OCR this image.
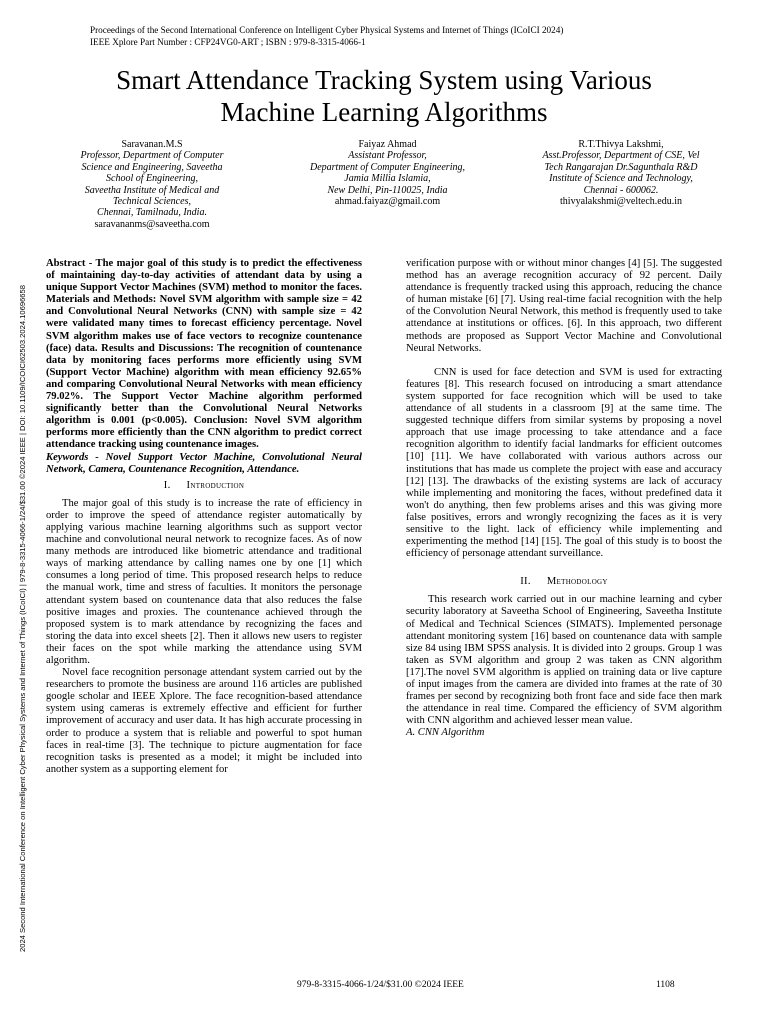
Proceedings of the Second International Conference on Intelligent Cyber Physical Systems and Internet of Things (ICoICI 2024)
IEEE Xplore Part Number : CFP24VG0-ART ; ISBN : 979-8-3315-4066-1
Smart Attendance Tracking System using Various
Machine Learning Algorithms
Saravanan.M.S
Professor, Department of Computer
Science and Engineering, Saveetha
School of Engineering,
Saveetha Institute of Medical and
Technical Sciences,
Chennai, Tamilnadu, India.
saravananms@saveetha.com
Faiyaz Ahmad
Assistant Professor,
Department of Computer Engineering,
Jamia Millia Islamia,
New Delhi, Pin-110025, India
ahmad.faiyaz@gmail.com
R.T.Thivya Lakshmi,
Asst.Professor, Department of CSE, Vel
Tech Rangarajan Dr.Sagunthala R&D
Institute of Science and Technology,
Chennai - 600062.
thivyalakshmi@veltech.edu.in
2024 Second International Conference on Intelligent Cyber Physical Systems and Internet of Things (ICoICI) | 979-8-3315-4066-1/24/$31.00 ©2024 IEEE | DOI: 10.1109/ICOICI62503.2024.10696658

Abstract - The major goal of this study is to predict the effectiveness of maintaining day-to-day activities of attendant data by using a unique Support Vector Machines (SVM) method to monitor the faces. Materials and Methods: Novel SVM algorithm with sample size = 42 and Convolutional Neural Networks (CNN) with sample size = 42 were validated many times to forecast efficiency percentage. Novel SVM algorithm makes use of face vectors to recognize countenance (face) data. Results and Discussions: The recognition of countenance data by monitoring faces performs more efficiently using SVM (Support Vector Machine) algorithm with mean efficiency 92.65% and comparing Convolutional Neural Networks with mean efficiency 79.02%. The Support Vector Machine algorithm performed significantly better than the Convolutional Neural Networks algorithm is 0.001 (p<0.005). Conclusion: Novel SVM algorithm performs more efficiently than the CNN algorithm to predict correct attendance tracking using countenance images.

Keywords - Novel Support Vector Machine, Convolutional Neural Network, Camera, Countenance Recognition, Attendance.

I. Introduction

The major goal of this study is to increase the rate of efficiency in order to improve the speed of attendance register automatically by applying various machine learning algorithms such as support vector machine and convolutional neural network to recognize faces. As of now many methods are introduced like biometric attendance and traditional ways of marking attendance by calling names one by one [1] which consumes a long period of time. This proposed research helps to reduce the manual work, time and stress of faculties. It monitors the personage attendant system based on countenance data that also reduces the false positive images and proxies. The countenance achieved through the proposed system is to mark attendance by recognizing the faces and storing the data into excel sheets [2]. Then it allows new users to register their faces on the spot while marking the attendance using SVM algorithm.

Novel face recognition personage attendant system carried out by the researchers to promote the business are around 116 articles are published google scholar and IEEE Xplore. The face recognition-based attendance system using cameras is extremely effective and efficient for further improvement of accuracy and user data. It has high accurate processing in order to produce a system that is reliable and powerful to spot human faces in real-time [3]. The technique to picture augmentation for face recognition tasks is presented as a model; it might be included into another system as a supporting element for

verification purpose with or without minor changes [4] [5]. The suggested method has an average recognition accuracy of 92 percent. Daily attendance is frequently tracked using this approach, reducing the chance of human mistake [6] [7]. Using real-time facial recognition with the help of the Convolution Neural Network, this method is frequently used to take attendance at institutions or offices. [6]. In this approach, two different methods are proposed as Support Vector Machine and Convolutional Neural Networks.

CNN is used for face detection and SVM is used for extracting features [8]. This research focused on introducing a smart attendance system supported for face recognition which will be used to take attendance of all students in a classroom [9] at the same time. The suggested technique differs from similar systems by proposing a novel approach that use image processing to take attendance and a face recognition algorithm to identify facial landmarks for efficient outcomes [10] [11]. We have collaborated with various authors across our institutions that has made us complete the project with ease and accuracy [12] [13]. The drawbacks of the existing systems are lack of accuracy while implementing and monitoring the faces, without predefined data it won't do anything, then few problems arises and this was giving more false positives, errors and wrongly recognizing the faces as it is very sensitive to the light. lack of efficiency while implementing and experimenting the method [14] [15]. The goal of this study is to boost the efficiency of personage attendant surveillance.

II. Methodology

This research work carried out in our machine learning and cyber security laboratory at Saveetha School of Engineering, Saveetha Institute of Medical and Technical Sciences (SIMATS). Implemented personage attendant monitoring system [16] based on countenance data with sample size 84 using IBM SPSS analysis. It is divided into 2 groups. Group 1 was taken as SVM algorithm and group 2 was taken as CNN algorithm [17].The novel SVM algorithm is applied on training data or live capture of input images from the camera are divided into frames at the rate of 30 frames per second by recognizing both front face and side face then mark the attendance in real time. Compared the efficiency of SVM algorithm with CNN algorithm and achieved lesser mean value.

A. CNN Algorithm

979-8-3315-4066-1/24/$31.00 ©2024 IEEE	1108
